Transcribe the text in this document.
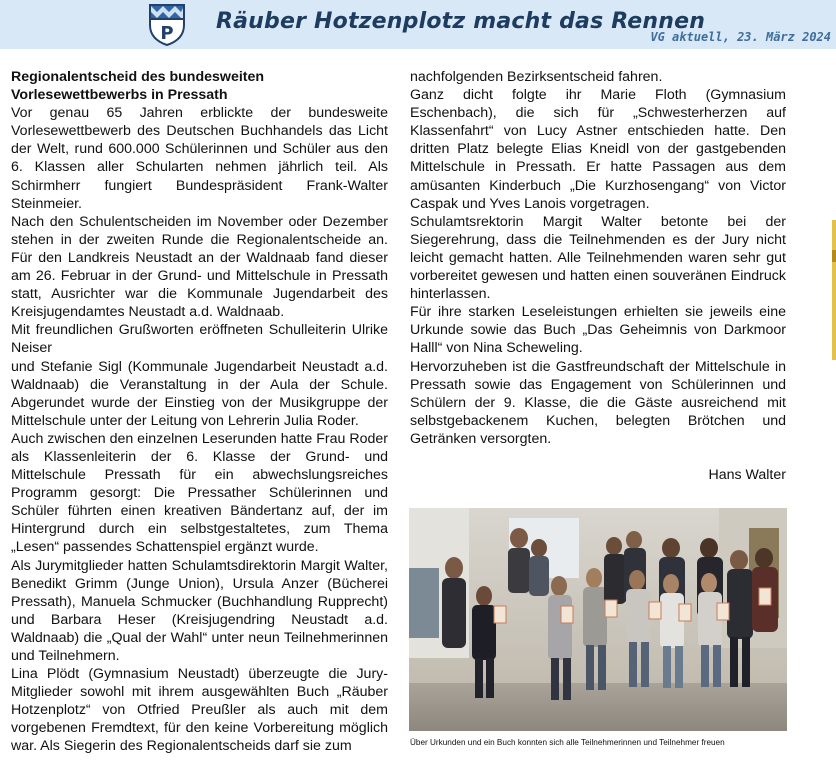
P Räuber Hotzenplotz macht das Rennen
VG aktuell, 23. März 2024

Regionalentscheid des bundesweiten Vorlesewettbewerbs in Pressath

Vor genau 65 Jahren erblickte der bundesweite Vorlesewettbewerb des Deutschen Buchhandels das Licht der Welt, rund 600.000 Schülerinnen und Schüler aus den 6. Klassen aller Schularten nehmen jährlich teil. Als Schirmherr fungiert Bundespräsident Frank-Walter Steinmeier.

Nach den Schulentscheiden im November oder Dezember stehen in der zweiten Runde die Regionalentscheide an. Für den Landkreis Neustadt an der Waldnaab fand dieser am 26. Februar in der Grund- und Mittelschule in Pressath statt, Ausrichter war die Kommunale Jugendarbeit des Kreisjugendamtes Neustadt a.d. Waldnaab.

Mit freundlichen Grußworten eröffneten Schulleiterin Ulrike Neiser

und Stefanie Sigl (Kommunale Jugendarbeit Neustadt a.d. Waldnaab) die Veranstaltung in der Aula der Schule. Abgerundet wurde der Einstieg von der Musikgruppe der Mittelschule unter der Leitung von Lehrerin Julia Roder.

Auch zwischen den einzelnen Leserunden hatte Frau Roder als Klassenleiterin der 6. Klasse der Grund- und Mittelschule Pressath für ein abwechslungsreiches Programm gesorgt: Die Pressather Schülerinnen und Schüler führten einen kreativen Bändertanz auf, der im Hintergrund durch ein selbstgestaltetes, zum Thema „Lesen“ passendes Schattenspiel ergänzt wurde.

Als Jurymitglieder hatten Schulamtsdirektorin Margit Walter, Benedikt Grimm (Junge Union), Ursula Anzer (Bücherei Pressath), Manuela Schmucker (Buchhandlung Rupprecht) und Barbara Heser (Kreisjugendring Neustadt a.d. Waldnaab) die „Qual der Wahl“ unter neun Teilnehmerinnen und Teilnehmern.

Lina Plödt (Gymnasium Neustadt) überzeugte die Jury-Mitglieder sowohl mit ihrem ausgewählten Buch „Räuber Hotzenplotz“ von Otfried Preußler als auch mit dem vorgebenen Fremdtext, für den keine Vorbereitung möglich war. Als Siegerin des Regionalentscheids darf sie zum

nachfolgenden Bezirksentscheid fahren.

Ganz dicht folgte ihr Marie Floth (Gymnasium Eschenbach), die sich für „Schwesterherzen auf Klassenfahrt“ von Lucy Astner entschieden hatte. Den dritten Platz belegte Elias Kneidl von der gastgebenden Mittelschule in Pressath. Er hatte Passagen aus dem amüsanten Kinderbuch „Die Kurzhosengang“ von Victor Caspak und Yves Lanois vorgetragen.

Schulamtsrektorin Margit Walter betonte bei der Siegerehrung, dass die Teilnehmenden es der Jury nicht leicht gemacht hatten. Alle Teilnehmenden waren sehr gut vorbereitet gewesen und hatten einen souveränen Eindruck hinterlassen.

Für ihre starken Leseleistungen erhielten sie jeweils eine Urkunde sowie das Buch „Das Geheimnis von Darkmoor Halll“ von Nina Scheweling.

Hervorzuheben ist die Gastfreundschaft der Mittelschule in Pressath sowie das Engagement von Schülerinnen und Schülern der 9. Klasse, die die Gäste ausreichend mit selbstgebackenem Kuchen, belegten Brötchen und Getränken versorgten.

Hans Walter

Über Urkunden und ein Buch konnten sich alle Teilnehmerinnen und Teilnehmer freuen
